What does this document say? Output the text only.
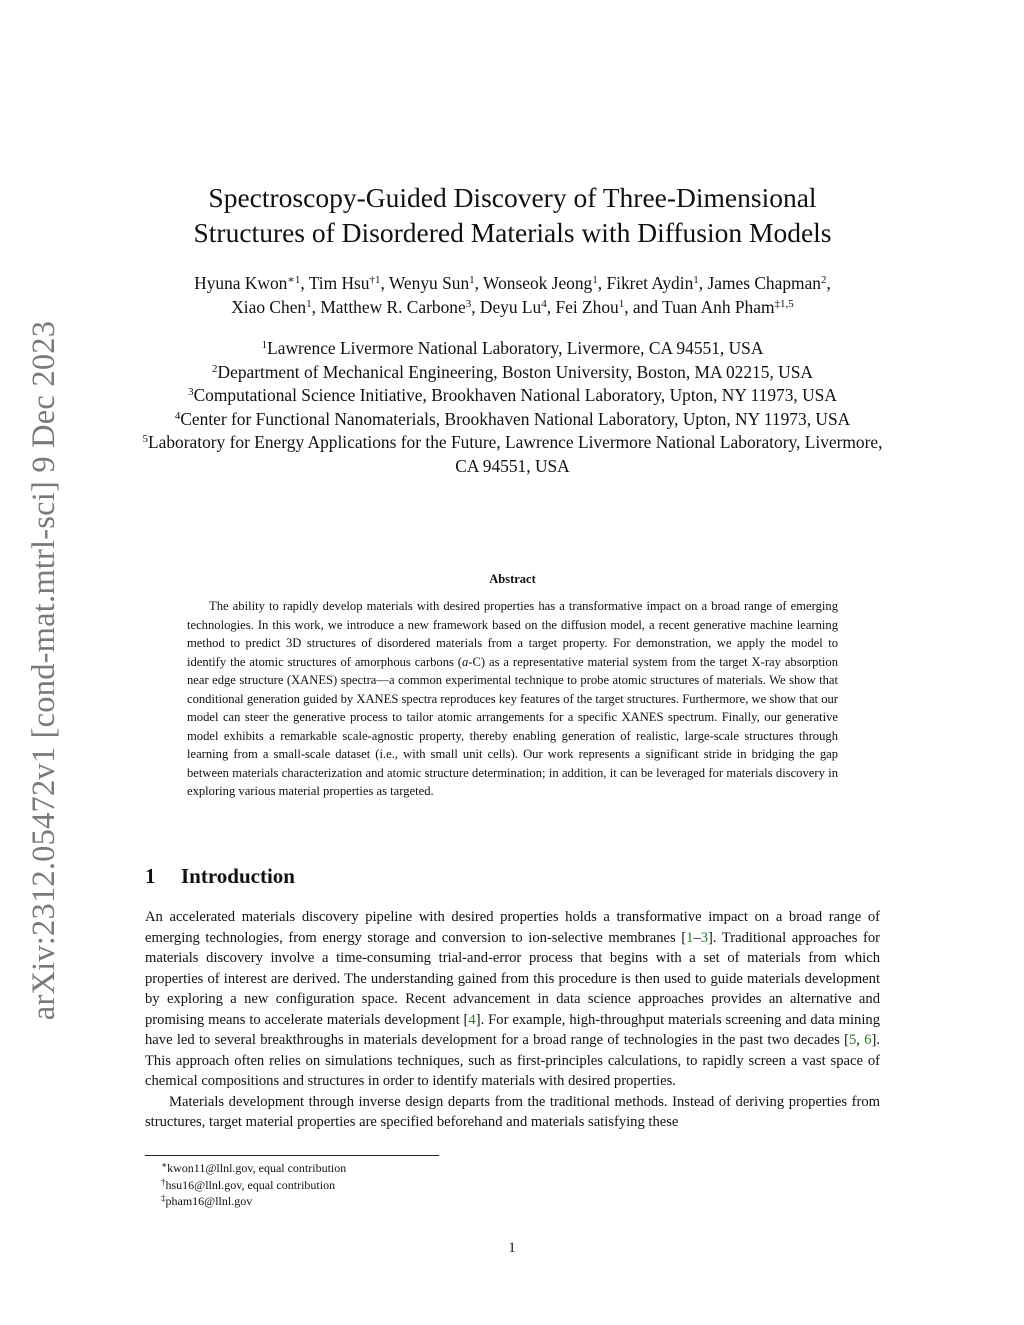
arXiv:2312.05472v1 [cond-mat.mtrl-sci] 9 Dec 2023
Spectroscopy-Guided Discovery of Three-Dimensional
Structures of Disordered Materials with Diffusion Models
Hyuna Kwon$^{∗1}$, Tim Hsu$^{\dagger 1}$, Wenyu Sun$^1$, Wonseok Jeong$^1$, Fikret Aydin$^1$, James Chapman$^2$,
Xiao Chen$^1$, Matthew R. Carbone$^3$, Deyu Lu$^4$, Fei Zhou$^1$, and Tuan Anh Pham$^{\ddagger 1,5}$
$^1$Lawrence Livermore National Laboratory, Livermore, CA 94551, USA
$^2$Department of Mechanical Engineering, Boston University, Boston, MA 02215, USA
$^3$Computational Science Initiative, Brookhaven National Laboratory, Upton, NY 11973, USA
$^4$Center for Functional Nanomaterials, Brookhaven National Laboratory, Upton, NY 11973, USA
$^5$Laboratory for Energy Applications for the Future, Lawrence Livermore National Laboratory, Livermore, CA 94551, USA
Abstract

The ability to rapidly develop materials with desired properties has a transformative impact on a broad range of emerging technologies. In this work, we introduce a new framework based on the diffusion model, a recent generative machine learning method to predict 3D structures of disordered materials from a target property. For demonstration, we apply the model to identify the atomic structures of amorphous carbons (a-C) as a representative material system from the target X-ray absorption near edge structure (XANES) spectra—a common experimental technique to probe atomic structures of materials. We show that conditional generation guided by XANES spectra reproduces key features of the target structures. Furthermore, we show that our model can steer the generative process to tailor atomic arrangements for a specific XANES spectrum. Finally, our generative model exhibits a remarkable scale-agnostic property, thereby enabling generation of realistic, large-scale structures through learning from a small-scale dataset (i.e., with small unit cells). Our work represents a significant stride in bridging the gap between materials characterization and atomic structure determination; in addition, it can be leveraged for materials discovery in exploring various material properties as targeted.

1 Introduction

An accelerated materials discovery pipeline with desired properties holds a transformative impact on a broad range of emerging technologies, from energy storage and conversion to ion-selective membranes [1–3]. Traditional approaches for materials discovery involve a time-consuming trial-and-error process that begins with a set of materials from which properties of interest are derived. The understanding gained from this procedure is then used to guide materials development by exploring a new configuration space. Recent advancement in data science approaches provides an alternative and promising means to accelerate materials development [4]. For example, high-throughput materials screening and data mining have led to several breakthroughs in materials development for a broad range of technologies in the past two decades [5, 6]. This approach often relies on simulations techniques, such as first-principles calculations, to rapidly screen a vast space of chemical compositions and structures in order to identify materials with desired properties.

Materials development through inverse design departs from the traditional methods. Instead of deriving properties from structures, target material properties are specified beforehand and materials satisfying these

∗kwon11@llnl.gov, equal contribution
†hsu16@llnl.gov, equal contribution
‡pham16@llnl.gov
1
